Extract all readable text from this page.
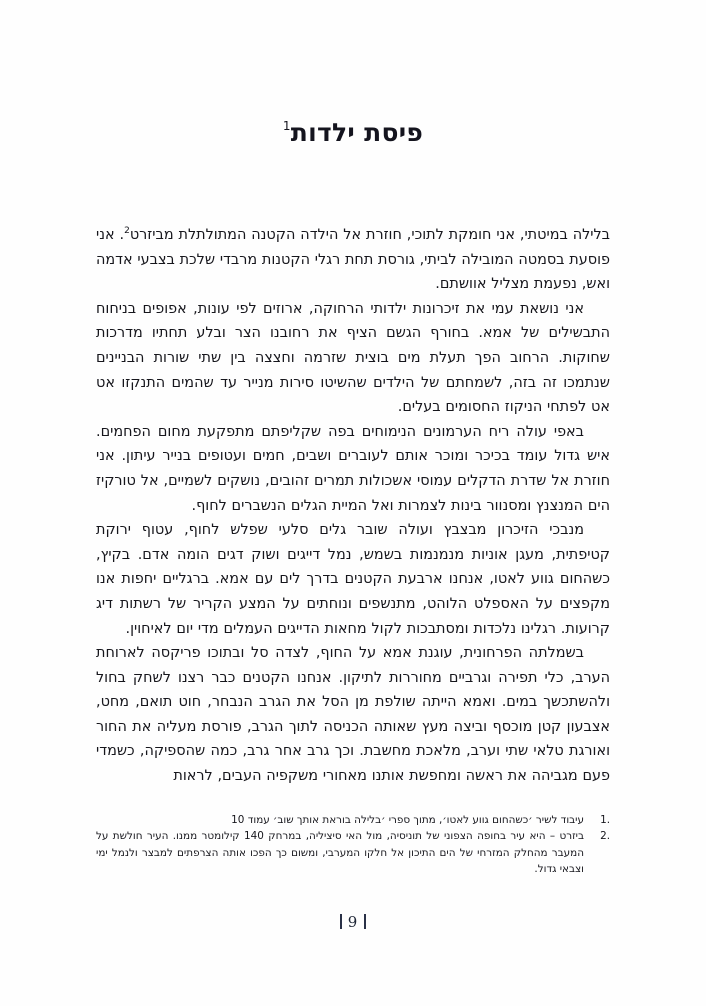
פיסת ילדות$^1$

בלילה במיטתי, אני חומקת לתוכי, חוזרת אל הילדה הקטנה המתולתלת מביזרט$^2$. אני פוסעת בסמטה המובילה לביתי, גורסת תחת רגלי הקטנות מרבדי שלכת בצבעי אדמה ואש, נפעמת מצליל אוושתם.

אני נושאת עמי את זיכרונות ילדותי הרחוקה, ארוזים לפי עונות, אפופים בניחוח התבשילים של אמא. בחורף הגשם הציף את רחובנו הצר ובלע תחתיו מדרכות שחוקות. הרחוב הפך תעלת מים בוצית שזרמה וחצצה בין שתי שורות הבניינים שנתמכו זה בזה, לשמחתם של הילדים שהשיטו סירות מנייר עד שהמים התנקזו אט אט לפתחי הניקוז החסומים בעלים.

באפי עולה ריח הערמונים הנימוחים בפה שקליפתם מתפקעת מחום הפחמים. איש גדול עומד בכיכר ומוכר אותם לעוברים ושבים, חמים ועטופים בנייר עיתון. אני חוזרת אל שדרת הדקלים עמוסי אשכולות תמרים זהובים, נושקים לשמיים, אל טורקיז הים המנצנץ ומסנוור בינות לצמרות ואל המיית הגלים הנשברים לחוף.

מנבכי הזיכרון מבצבץ ועולה שובר גלים סלעי שפלש לחוף, עטוף ירוקת קטיפתית, מעגן אוניות מנמנמות בשמש, נמל דייגים ושוק דגים הומה אדם. בקיץ, כשהחום גווע לאטו, אנחנו ארבעת הקטנים בדרך לים עם אמא. ברגליים יחפות אנו מקפצים על האספלט הלוהט, מתנשפים ונוחתים על המצע הקריר של רשתות דיג קרועות. רגלינו נלכדות ומסתבכות לקול מחאות הדייגים העמלים מדי יום לאיחוין.

בשמלתה הפרחונית, עוגנת אמא על החוף, לצדה סל ובתוכו פריקסה לארוחת הערב, כלי תפירה וגרביים מחוררות לתיקון. אנחנו הקטנים כבר רצנו לשחק בחול ולהשתכשך במים. ואמא הייתה שולפת מן הסל את הגרב הנבחר, חוט תואם, מחט, אצבעון קטן מוכסף וביצה מעץ שאותה הכניסה לתוך הגרב, פורסת מעליה את החור ואורגת טלאי שתי וערב, מלאכת מחשבת. וכך גרב אחר גרב, כמה שהספיקה, כשמדי פעם מגביהה את ראשה ומחפשת אותנו מאחורי משקפיה העבים, לראות

1.
עיבוד לשיר ׳כשהחום גווע לאטו׳, מתוך ספרי ׳בלילה בוראת אותך שוב׳ עמוד 10
2.
ביזרט – היא עיר בחופה הצפוני של תוניסיה, מול האי סיציליה, במרחק 140 קילומטר ממנו. העיר חולשת על המעבר מהחלק המזרחי של הים התיכון אל חלקו המערבי, ומשום כך הפכו אותה הצרפתים למבצר ולנמל ימי וצבאי גדול.
9
